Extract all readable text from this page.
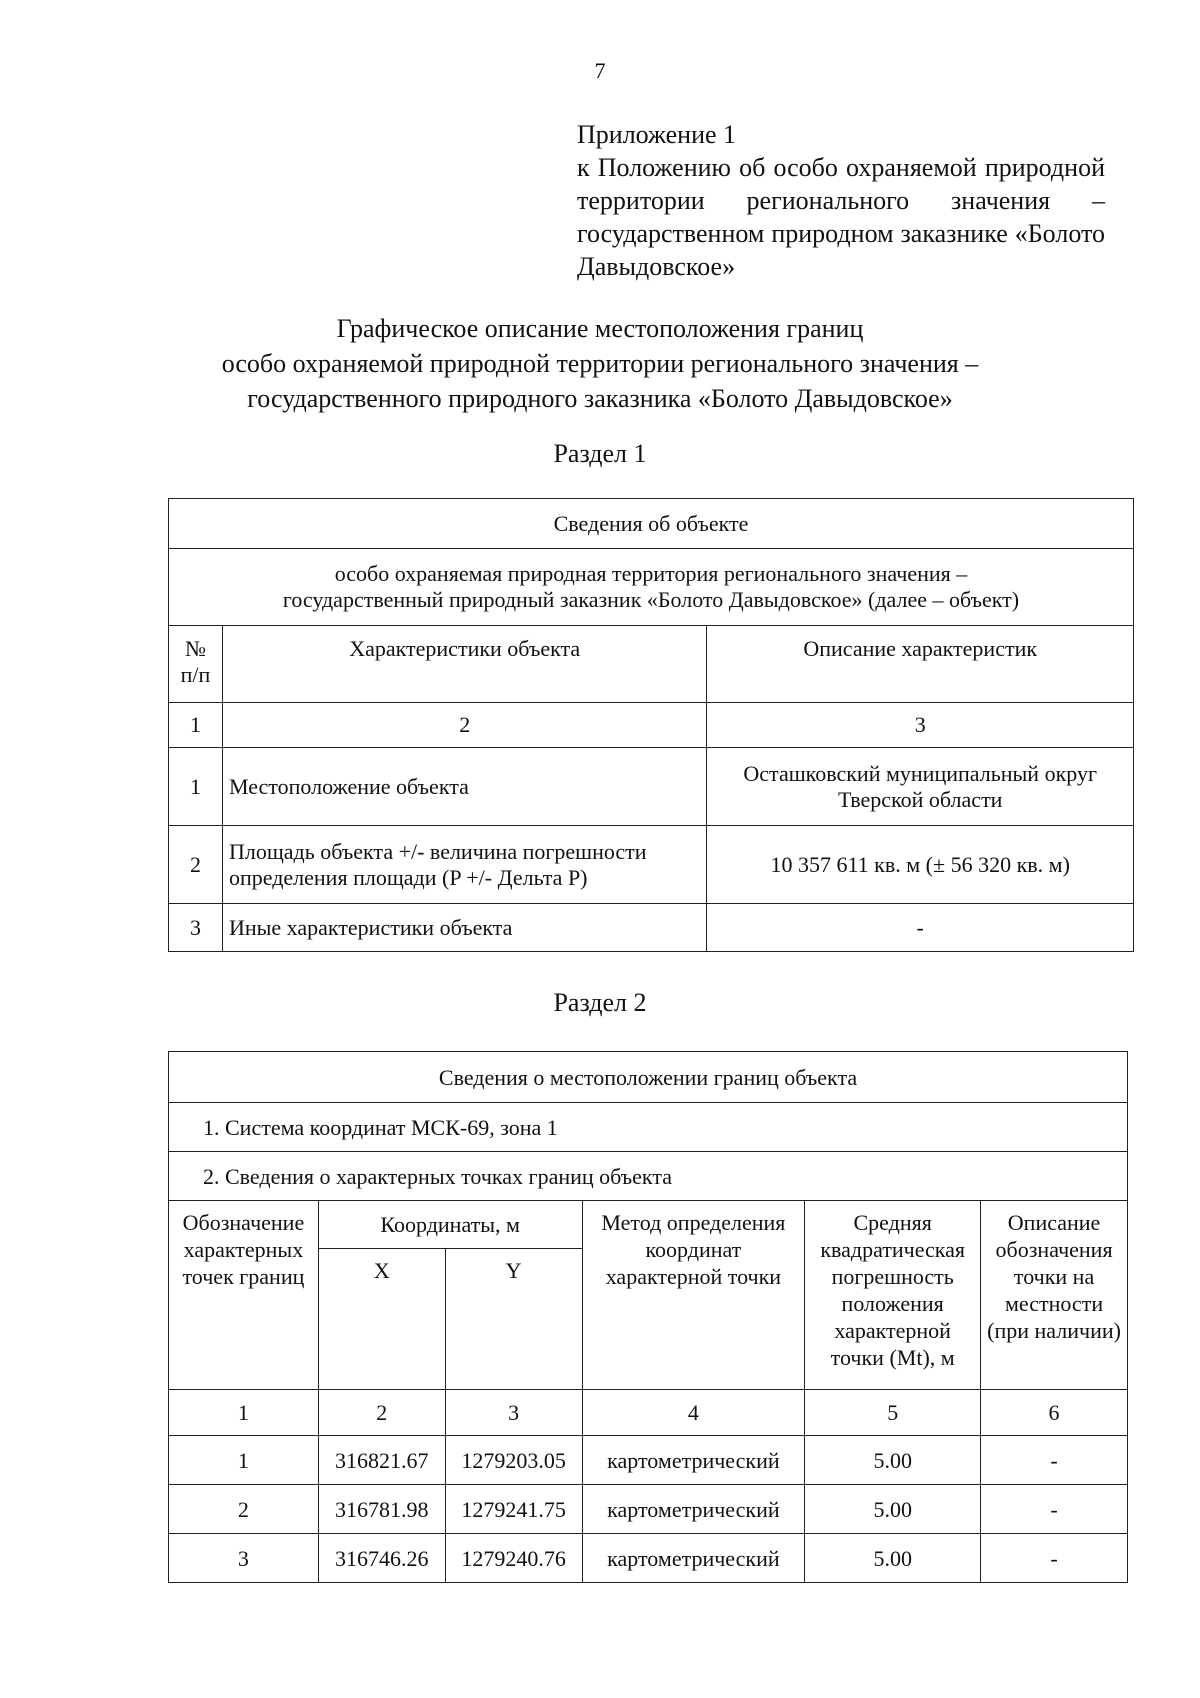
7
Приложение 1
к Положению об особо охраняемой природной территории регионального значения – государственном природном заказнике «Болото Давыдовское»
Графическое описание местоположения границ
особо охраняемой природной территории регионального значения –
государственного природного заказника «Болото Давыдовское»
Раздел 1
Сведения об объекте		

особо охраняемая природная территория регионального значения –
государственный природный заказник «Болото Давыдовское» (далее – объект)		

№ п/п	Характеристики объекта	Описание характеристик
1	2	3
1	Местоположение объекта	Осташковский муниципальный округ Тверской области
2	Площадь объекта +/- величина погрешности определения площади (P +/- Дельта P)	10 357 611 кв. м (± 56 320 кв. м)
3	Иные характеристики объекта	-
Раздел 2
Сведения о местоположении границ объекта					
1. Система координат МСК-69, зона 1					
2. Сведения о характерных точках границ объекта					
Обозначение характерных точек границ	Координаты, м		Метод определения координат характерной точки	Средняя квадратическая погрешность положения характерной точки (Mt), м	Описание обозначения точки на местности (при наличии)
	X	Y			
1	2	3	4	5	6
1	316821.67	1279203.05	картометрический	5.00	-
2	316781.98	1279241.75	картометрический	5.00	-
3	316746.26	1279240.76	картометрический	5.00	-
